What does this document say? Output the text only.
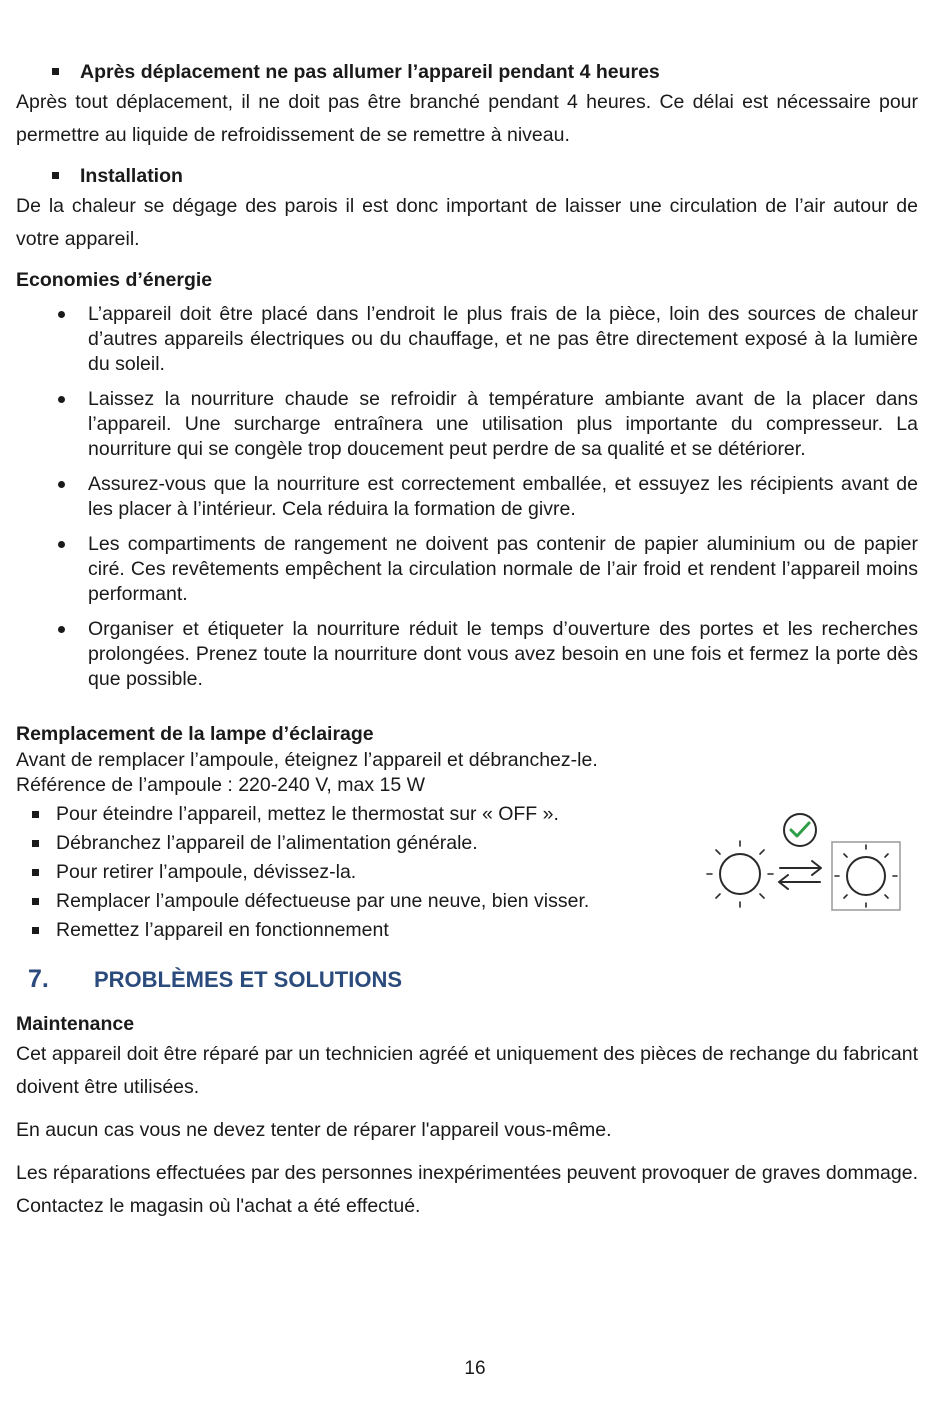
Après déplacement ne pas allumer l’appareil pendant 4 heures

Après tout déplacement, il ne doit pas être branché pendant 4 heures. Ce délai est nécessaire pour permettre au liquide de refroidissement de se remettre à niveau.

Installation

De la chaleur se dégage des parois il est donc important de laisser une circulation de l’air autour de votre appareil.

Economies d’énergie

L’appareil doit être placé dans l’endroit le plus frais de la pièce, loin des sources de chaleur d’autres appareils électriques ou du chauffage, et ne pas être directement exposé à la lumière du soleil.
Laissez la nourriture chaude se refroidir à température ambiante avant de la placer dans l’appareil. Une surcharge entraînera une utilisation plus importante du compresseur. La nourriture qui se congèle trop doucement peut perdre de sa qualité et se détériorer.
Assurez-vous que la nourriture est correctement emballée, et essuyez les récipients avant de les placer à l’intérieur. Cela réduira la formation de givre.
Les compartiments de rangement ne doivent pas contenir de papier aluminium ou de papier ciré. Ces revêtements empêchent la circulation normale de l’air froid et rendent l’appareil moins performant.
Organiser et étiqueter la nourriture réduit le temps d’ouverture des portes et les recherches prolongées. Prenez toute la nourriture dont vous avez besoin en une fois et fermez la porte dès que possible.

Remplacement de la lampe d’éclairage

Avant de remplacer l’ampoule, éteignez l’appareil et débranchez-le.

Référence de l’ampoule : 220-240 V, max 15 W

Pour éteindre l’appareil, mettez le thermostat sur « OFF ».
Débranchez l’appareil de l’alimentation générale.
Pour retirer l’ampoule, dévissez-la.
Remplacer l’ampoule défectueuse par une neuve, bien visser.
Remettez l’appareil en fonctionnement
7.	PROBLÈMES ET SOLUTIONS

Maintenance

Cet appareil doit être réparé par un technicien agréé et uniquement des pièces de rechange du fabricant doivent être utilisées.

En aucun cas vous ne devez tenter de réparer l'appareil vous-même.

Les réparations effectuées par des personnes inexpérimentées peuvent provoquer de graves dommage. Contactez le magasin où l'achat a été effectué.

16
